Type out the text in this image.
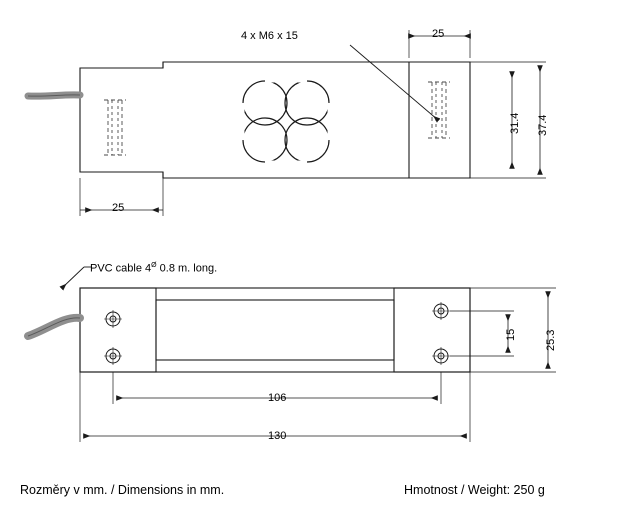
4 x M6 x 15	25
25
31.4 37.4
PVC cable $4^Ø$ 0.8 m. long.
15	25.3
106
130
Rozměry v mm. / Dimensions in mm.	Hmotnost / Weight: 250 g
